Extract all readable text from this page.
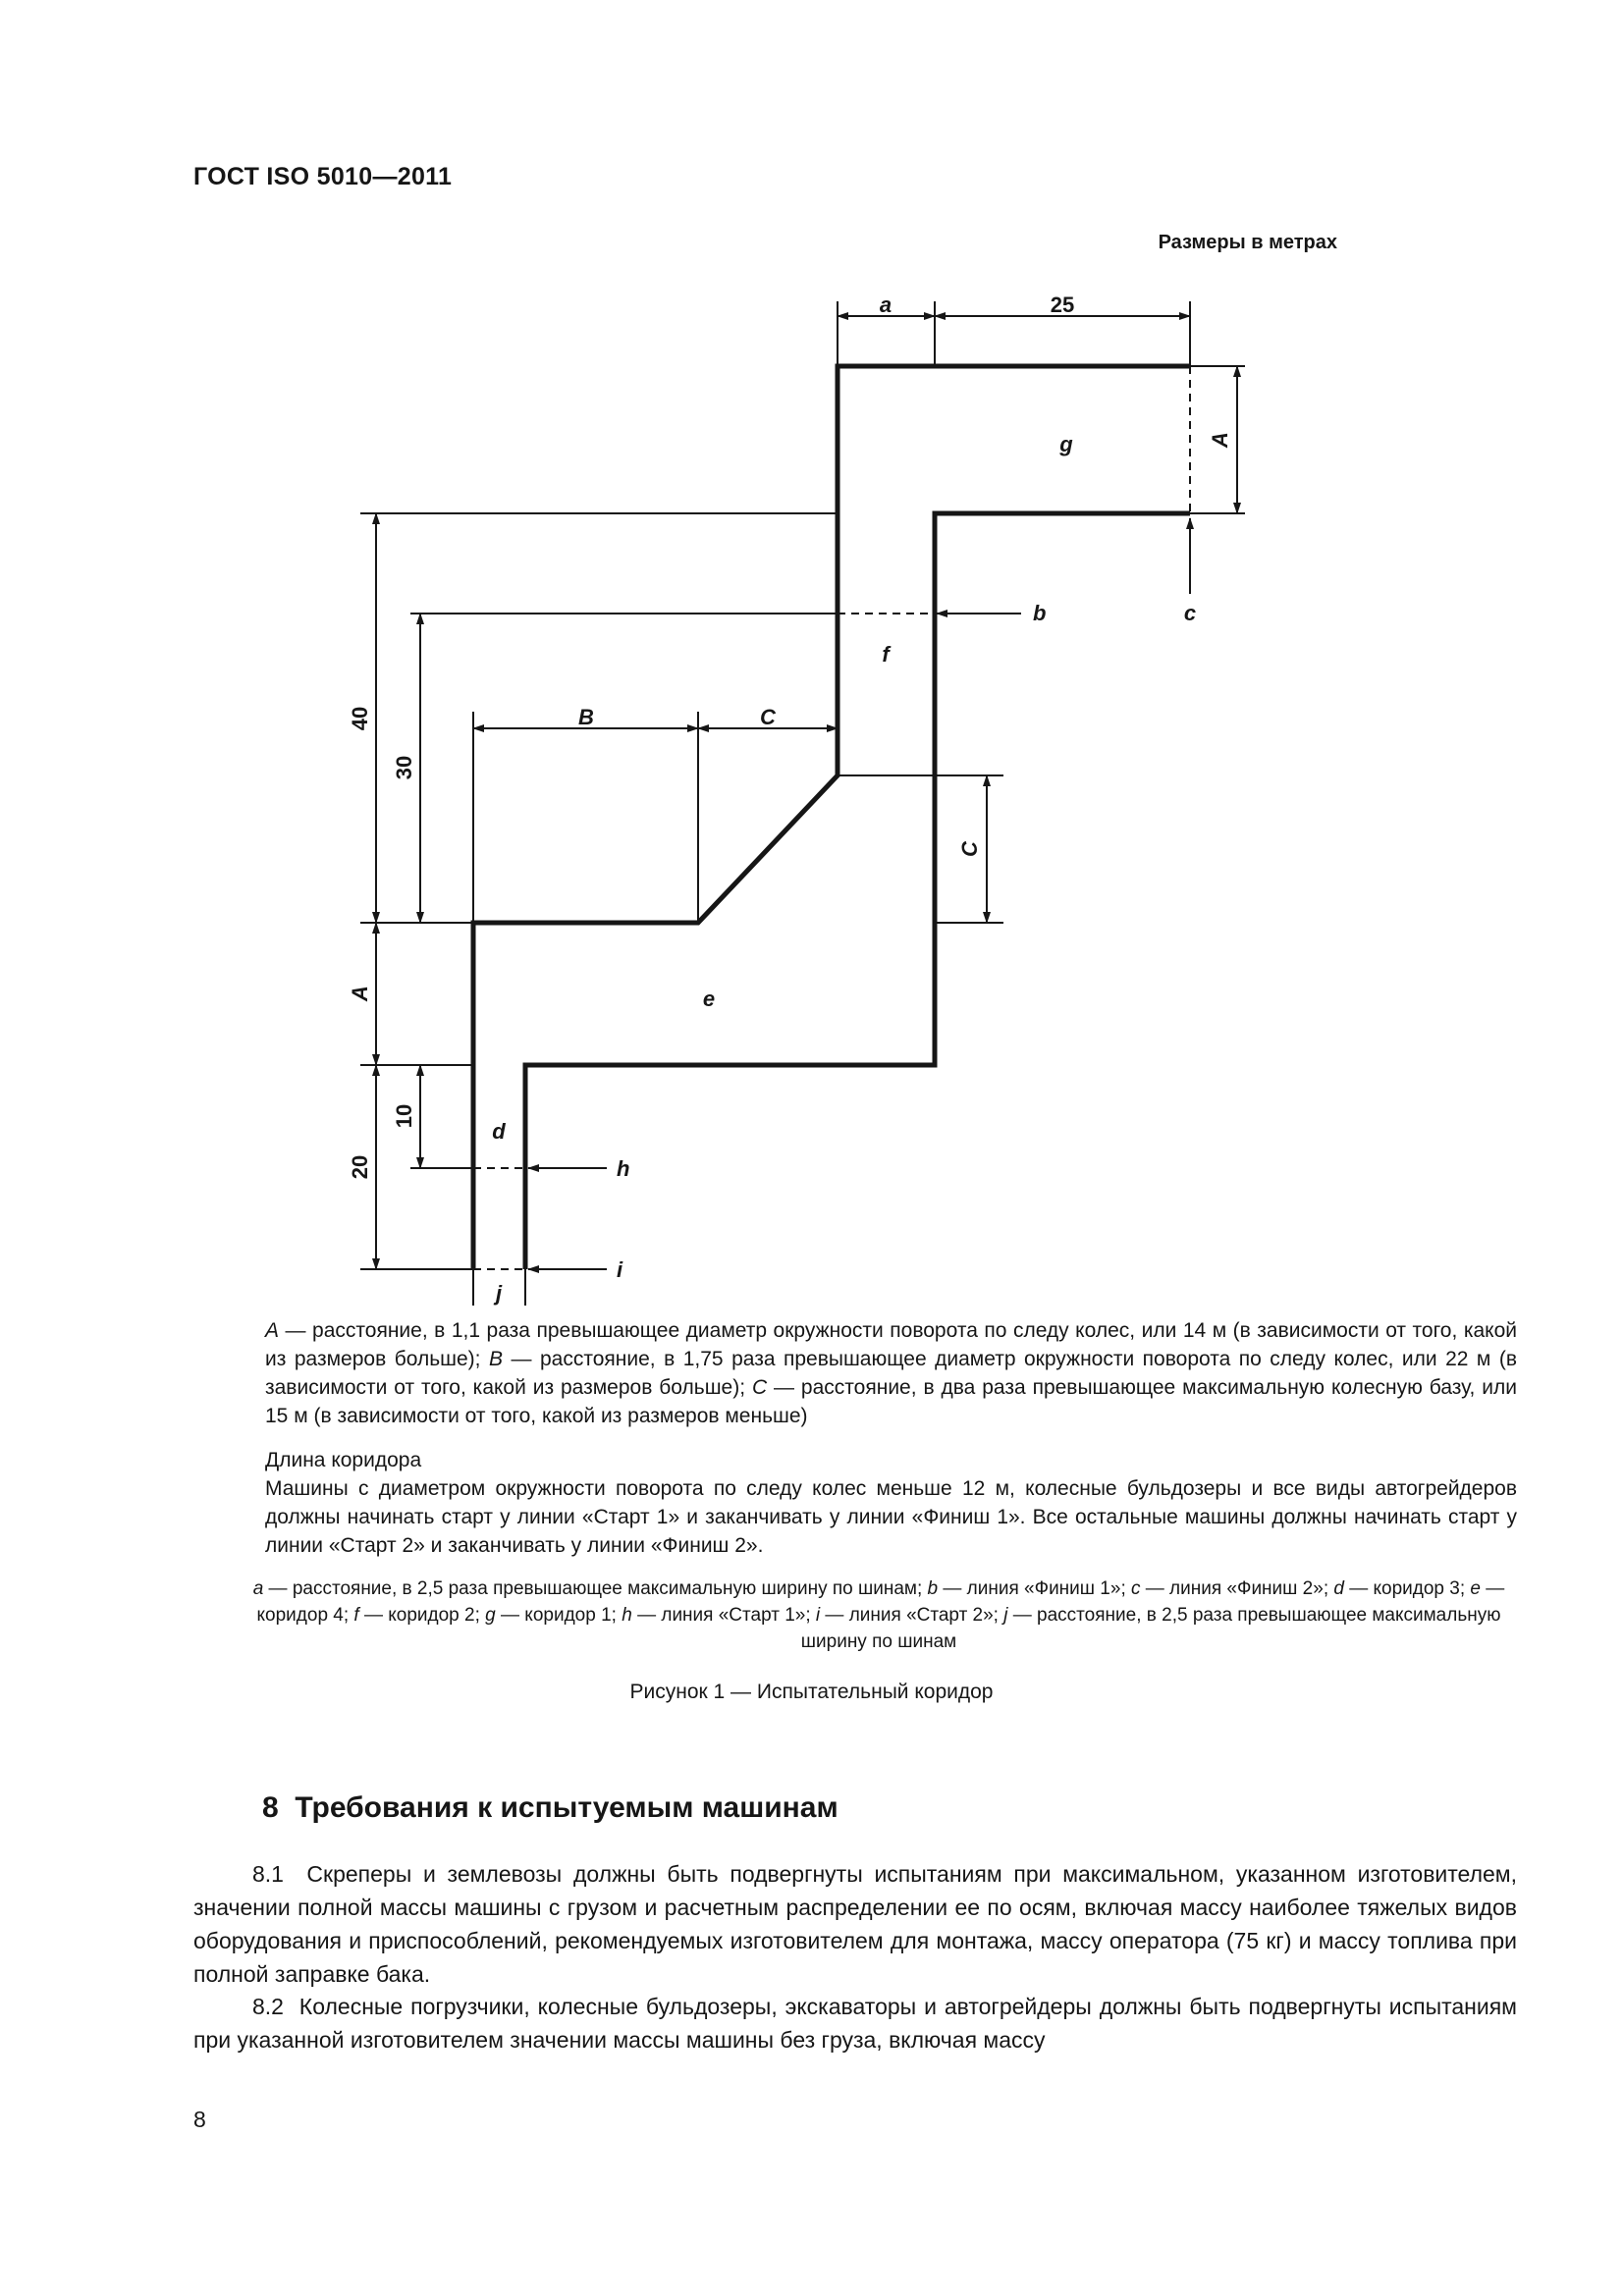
ГОСТ ISO 5010—2011
Размеры в метрах
a	25
A
g
b	c
f
B	C
C
40
30
A	e
10
20
d
h
i
j
A — расстояние, в 1,1 раза превышающее диаметр окружности поворота по следу колес, или 14 м (в зависимости от того, какой из размеров больше); B — расстояние, в 1,75 раза превышающее диаметр окружности поворота по следу колес, или 22 м (в зависимости от того, какой из размеров больше); C — расстояние, в два раза превышающее максимальную колесную базу, или 15 м (в зависимости от того, какой из размеров меньше)
Длина коридора
Машины с диаметром окружности поворота по следу колес меньше 12 м, колесные бульдозеры и все виды автогрейдеров должны начинать старт у линии «Старт 1» и заканчивать у линии «Финиш 1». Все остальные машины должны начинать старт у линии «Старт 2» и заканчивать у линии «Финиш 2».
a — расстояние, в 2,5 раза превышающее максимальную ширину по шинам; b — линия «Финиш 1»; c — линия «Финиш 2»; d — коридор 3; e — коридор 4; f — коридор 2; g — коридор 1; h — линия «Старт 1»; i — линия «Старт 2»; j — расстояние, в 2,5 раза превышающее максимальную ширину по шинам
Рисунок 1 — Испытательный коридор
8  Требования к испытуемым машинам
8.1  Скреперы и землевозы должны быть подвергнуты испытаниям при максимальном, указанном изготовителем, значении полной массы машины с грузом и расчетным распределении ее по осям, включая массу наиболее тяжелых видов оборудования и приспособлений, рекомендуемых изготовителем для монтажа, массу оператора (75 кг) и массу топлива при полной заправке бака.
8.2  Колесные погрузчики, колесные бульдозеры, экскаваторы и автогрейдеры должны быть подвергнуты испытаниям при указанной изготовителем значении массы машины без груза, включая массу
8
